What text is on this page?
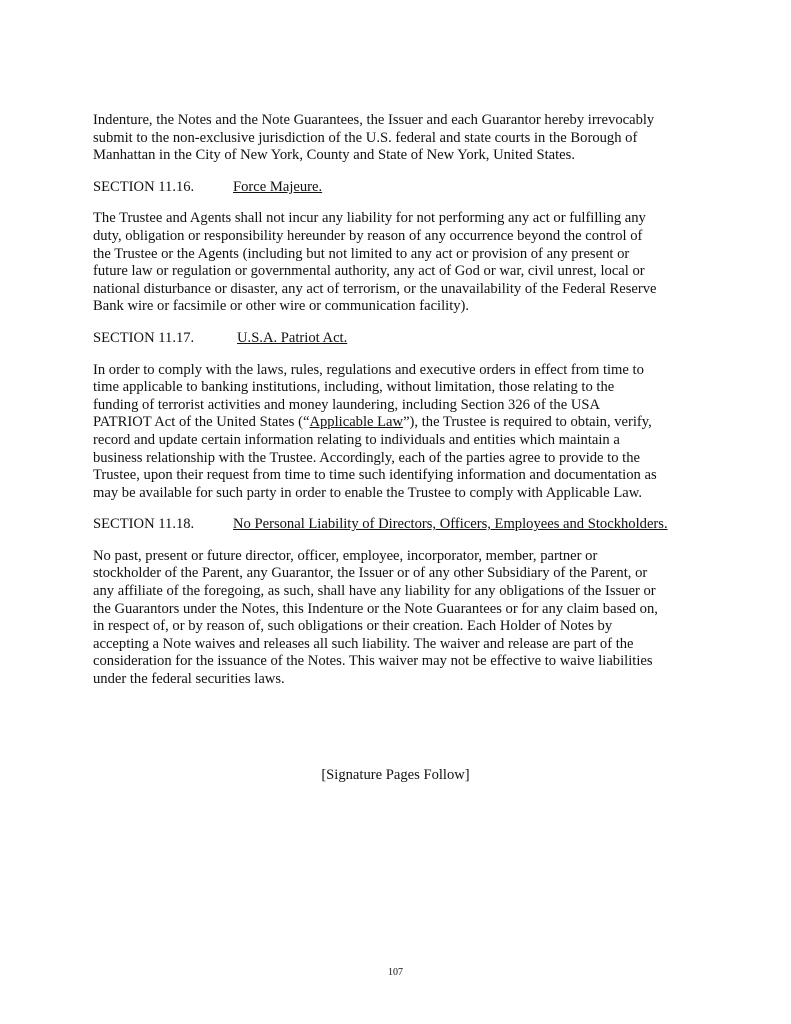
Indenture, the Notes and the Note Guarantees, the Issuer and each Guarantor hereby irrevocably
submit to the non-exclusive jurisdiction of the U.S. federal and state courts in the Borough of
Manhattan in the City of New York, County and State of New York, United States.

SECTION 11.16.	Force Majeure.

The Trustee and Agents shall not incur any liability for not performing any act or fulfilling any
duty, obligation or responsibility hereunder by reason of any occurrence beyond the control of
the Trustee or the Agents (including but not limited to any act or provision of any present or
future law or regulation or governmental authority, any act of God or war, civil unrest, local or
national disturbance or disaster, any act of terrorism, or the unavailability of the Federal Reserve
Bank wire or facsimile or other wire or communication facility).

SECTION 11.17.	U.S.A. Patriot Act.

In order to comply with the laws, rules, regulations and executive orders in effect from time to
time applicable to banking institutions, including, without limitation, those relating to the
funding of terrorist activities and money laundering, including Section 326 of the USA
PATRIOT Act of the United States (“Applicable Law”), the Trustee is required to obtain, verify,
record and update certain information relating to individuals and entities which maintain a
business relationship with the Trustee. Accordingly, each of the parties agree to provide to the
Trustee, upon their request from time to time such identifying information and documentation as
may be available for such party in order to enable the Trustee to comply with Applicable Law.

SECTION 11.18.	No Personal Liability of Directors, Officers, Employees and Stockholders.

No past, present or future director, officer, employee, incorporator, member, partner or
stockholder of the Parent, any Guarantor, the Issuer or of any other Subsidiary of the Parent, or
any affiliate of the foregoing, as such, shall have any liability for any obligations of the Issuer or
the Guarantors under the Notes, this Indenture or the Note Guarantees or for any claim based on,
in respect of, or by reason of, such obligations or their creation. Each Holder of Notes by
accepting a Note waives and releases all such liability. The waiver and release are part of the
consideration for the issuance of the Notes. This waiver may not be effective to waive liabilities
under the federal securities laws.

[Signature Pages Follow]
107
